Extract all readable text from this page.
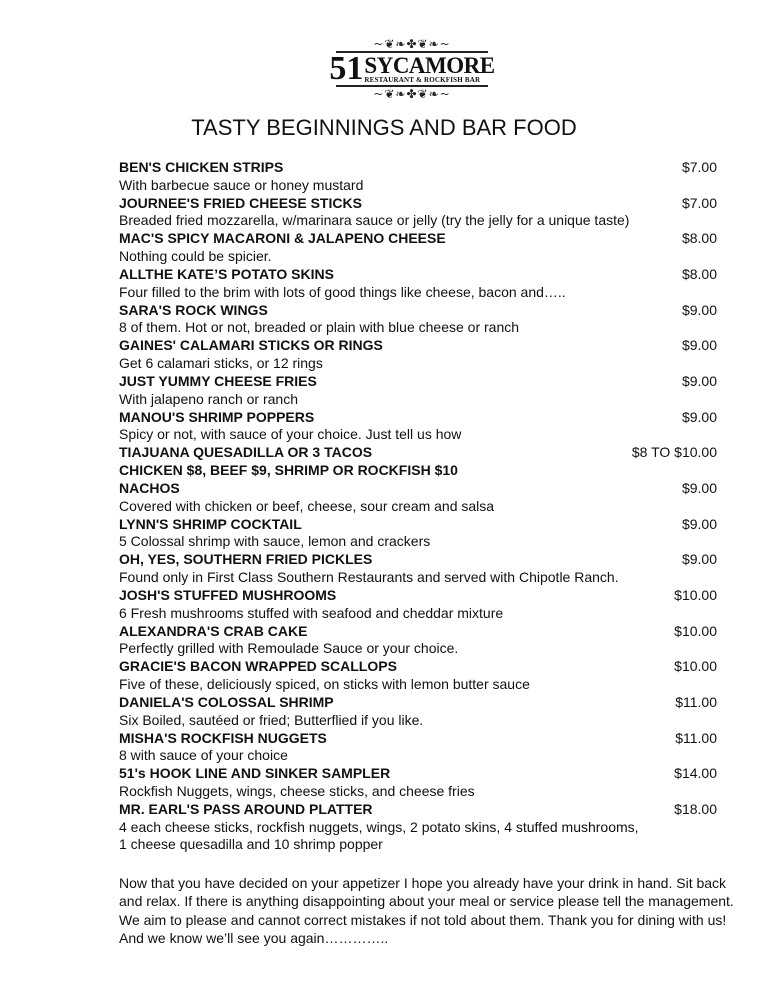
~❦❧✤❦❧~
51 SYCAMORE
RESTAURANT & ROCKFISH BAR
~❦❧✤❦❧~
TASTY BEGINNINGS AND BAR FOOD
BEN'S CHICKEN STRIPS	$7.00
With barbecue sauce or honey mustard
JOURNEE'S FRIED CHEESE STICKS	$7.00
Breaded fried mozzarella, w/marinara sauce or jelly (try the jelly for a unique taste)
MAC'S SPICY MACARONI & JALAPENO CHEESE	$8.00
Nothing could be spicier.
ALLTHE KATE’S POTATO SKINS	$8.00
Four filled to the brim with lots of good things like cheese, bacon and…..
SARA'S ROCK WINGS	$9.00
8 of them. Hot or not, breaded or plain with blue cheese or ranch
GAINES' CALAMARI STICKS OR RINGS	$9.00
Get 6 calamari sticks, or 12 rings
JUST YUMMY CHEESE FRIES	$9.00
With jalapeno ranch or ranch
MANOU'S SHRIMP POPPERS	$9.00
Spicy or not, with sauce of your choice. Just tell us how
TIAJUANA QUESADILLA OR 3 TACOS	$8 TO $10.00
CHICKEN $8, BEEF $9, SHRIMP OR ROCKFISH $10
NACHOS	$9.00
Covered with chicken or beef, cheese, sour cream and salsa
LYNN'S SHRIMP COCKTAIL	$9.00
5 Colossal shrimp with sauce, lemon and crackers
OH, YES, SOUTHERN FRIED PICKLES	$9.00
Found only in First Class Southern Restaurants and served with Chipotle Ranch.
JOSH'S STUFFED MUSHROOMS	$10.00
6 Fresh mushrooms stuffed with seafood and cheddar mixture
ALEXANDRA'S CRAB CAKE	$10.00
Perfectly grilled with Remoulade Sauce or your choice.
GRACIE'S BACON WRAPPED SCALLOPS	$10.00
Five of these, deliciously spiced, on sticks with lemon butter sauce
DANIELA'S COLOSSAL SHRIMP	$11.00
Six Boiled, sautéed or fried; Butterflied if you like.
MISHA'S ROCKFISH NUGGETS	$11.00
8 with sauce of your choice
51's HOOK LINE AND SINKER SAMPLER	$14.00
Rockfish Nuggets, wings, cheese sticks, and cheese fries
MR. EARL'S PASS AROUND PLATTER	$18.00
4 each cheese sticks, rockfish nuggets, wings, 2 potato skins, 4 stuffed mushrooms,
1 cheese quesadilla and 10 shrimp popper
Now that you have decided on your appetizer I hope you already have your drink in hand. Sit back and relax. If there is anything disappointing about your meal or service please tell the management. We aim to please and cannot correct mistakes if not told about them. Thank you for dining with us! And we know we’ll see you again…………..
